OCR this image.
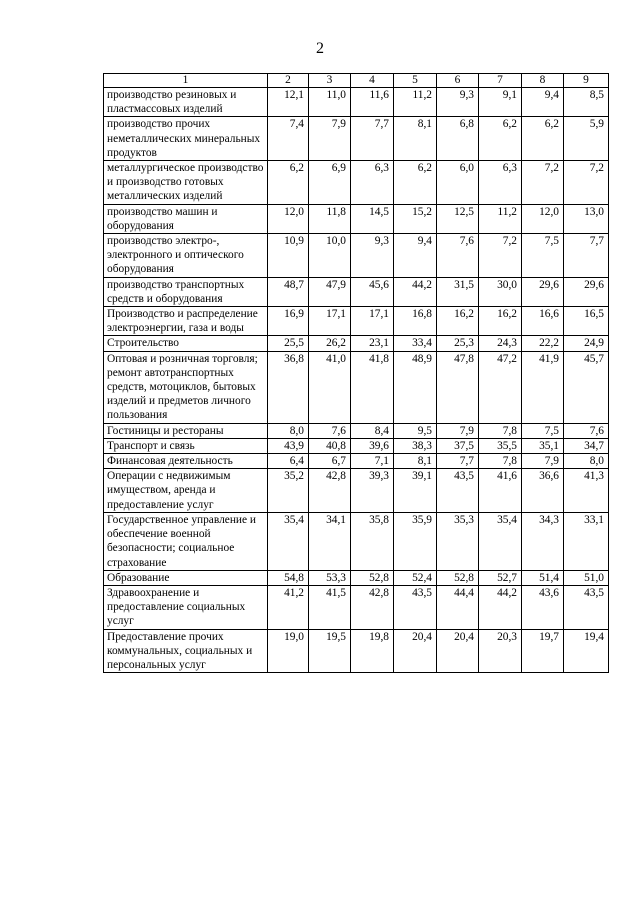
2
1	2	3	4	5	6	7	8	9
производство резиновых и пластмассовых изделий	12,1	11,0	11,6	11,2	9,3	9,1	9,4	8,5
производство прочих неметаллических минеральных продуктов	7,4	7,9	7,7	8,1	6,8	6,2	6,2	5,9
металлургическое производство и производство готовых металлических изделий	6,2	6,9	6,3	6,2	6,0	6,3	7,2	7,2
производство машин и оборудования	12,0	11,8	14,5	15,2	12,5	11,2	12,0	13,0
производство электро-, электронного и оптического оборудования	10,9	10,0	9,3	9,4	7,6	7,2	7,5	7,7
производство транспортных средств и оборудования	48,7	47,9	45,6	44,2	31,5	30,0	29,6	29,6
Производство и распределение электроэнергии, газа и воды	16,9	17,1	17,1	16,8	16,2	16,2	16,6	16,5
Строительство	25,5	26,2	23,1	33,4	25,3	24,3	22,2	24,9
Оптовая и розничная торговля; ремонт автотранспортных средств, мотоциклов, бытовых изделий и предметов личного пользования	36,8	41,0	41,8	48,9	47,8	47,2	41,9	45,7
Гостиницы и рестораны	8,0	7,6	8,4	9,5	7,9	7,8	7,5	7,6
Транспорт и связь	43,9	40,8	39,6	38,3	37,5	35,5	35,1	34,7
Финансовая деятельность	6,4	6,7	7,1	8,1	7,7	7,8	7,9	8,0
Операции с недвижимым имуществом, аренда и предоставление услуг	35,2	42,8	39,3	39,1	43,5	41,6	36,6	41,3
Государственное управление и обеспечение военной безопасности; социальное страхование	35,4	34,1	35,8	35,9	35,3	35,4	34,3	33,1
Образование	54,8	53,3	52,8	52,4	52,8	52,7	51,4	51,0
Здравоохранение и предоставление социальных услуг	41,2	41,5	42,8	43,5	44,4	44,2	43,6	43,5
Предоставление прочих коммунальных, социальных и персональных услуг	19,0	19,5	19,8	20,4	20,4	20,3	19,7	19,4
